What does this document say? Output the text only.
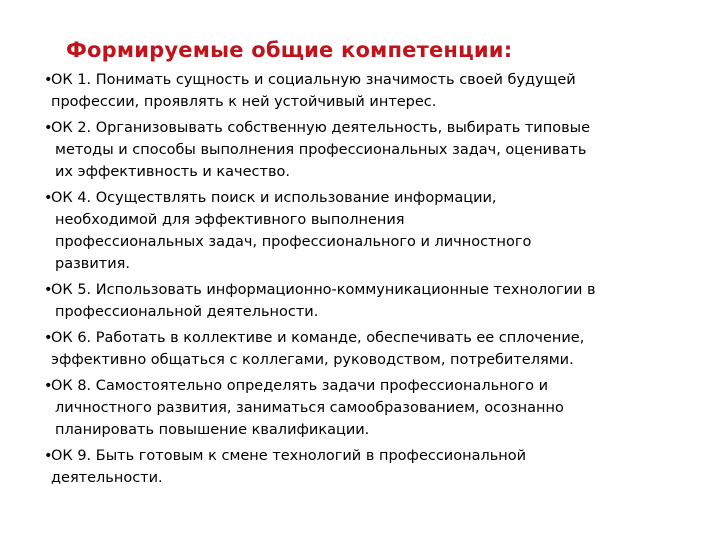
Формируемые общие компетенции:
•
ОК 1. Понимать сущность и социальную значимость своей будущей
профессии, проявлять к ней устойчивый интерес.
•
ОК 2. Организовывать собственную деятельность, выбирать типовые
методы и способы выполнения профессиональных задач, оценивать
их эффективность и качество.
•
ОК 4. Осуществлять поиск и использование информации,
необходимой для эффективного выполнения
профессиональных задач, профессионального и личностного
развития.
•
ОК 5. Использовать информационно-коммуникационные технологии в
профессиональной деятельности.
•
ОК 6. Работать в коллективе и команде, обеспечивать ее сплочение,
эффективно общаться с коллегами, руководством, потребителями.
•
ОК 8. Самостоятельно определять задачи профессионального и
личностного развития, заниматься самообразованием, осознанно
планировать повышение квалификации.
•
ОК 9. Быть готовым к смене технологий в профессиональной
деятельности.
